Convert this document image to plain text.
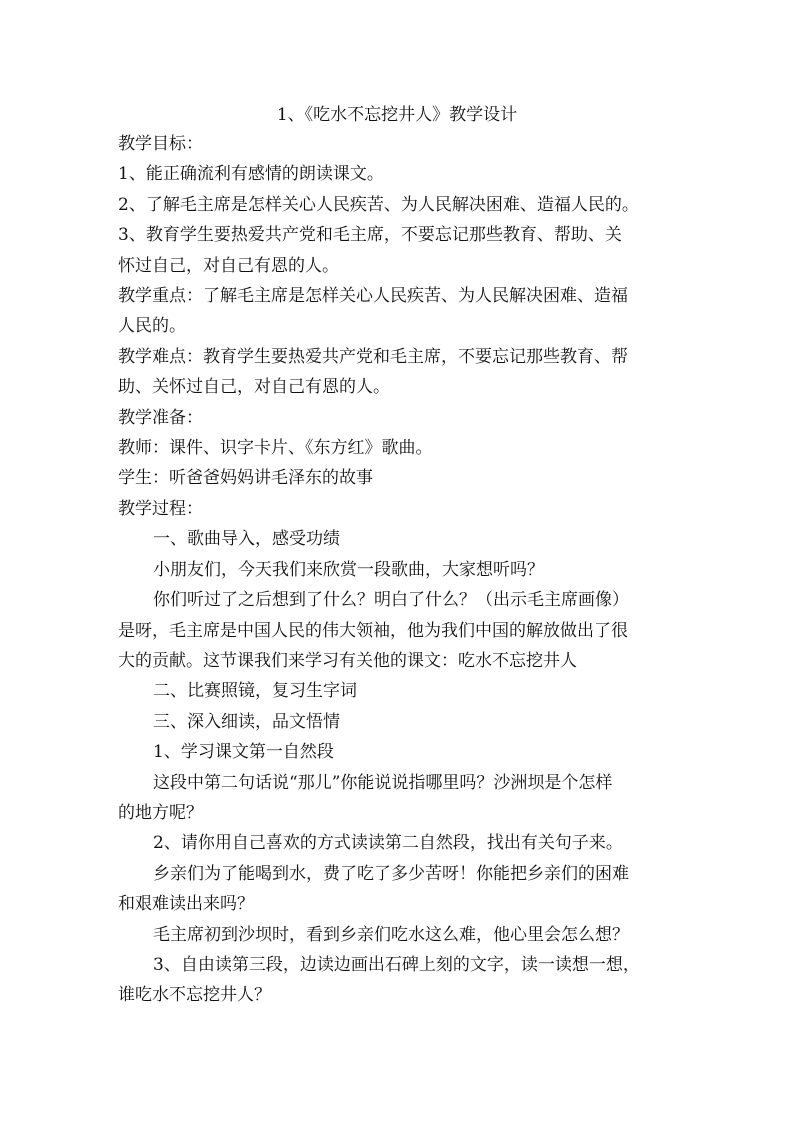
1、《吃水不忘挖井人》教学设计

教学目标：

1、能正确流利有感情的朗读课文。

2、了解毛主席是怎样关心人民疾苦、为人民解决困难、造福人民的。

3、教育学生要热爱共产党和毛主席，不要忘记那些教育、帮助、关

怀过自己，对自己有恩的人。

教学重点：了解毛主席是怎样关心人民疾苦、为人民解决困难、造福

人民的。

教学难点：教育学生要热爱共产党和毛主席，不要忘记那些教育、帮

助、关怀过自己，对自己有恩的人。

教学准备：

教师：课件、识字卡片、《东方红》歌曲。

学生：听爸爸妈妈讲毛泽东的故事

教学过程：

一、歌曲导入，感受功绩

小朋友们，今天我们来欣赏一段歌曲，大家想听吗？

你们听过了之后想到了什么？明白了什么？（出示毛主席画像）

是呀，毛主席是中国人民的伟大领袖，他为我们中国的解放做出了很

大的贡献。这节课我们来学习有关他的课文：吃水不忘挖井人

二、比赛照镜，复习生字词

三、深入细读，品文悟情

1、学习课文第一自然段

这段中第二句话说“那儿”你能说说指哪里吗？沙洲坝是个怎样

的地方呢？

2、请你用自己喜欢的方式读读第二自然段，找出有关句子来。

乡亲们为了能喝到水，费了吃了多少苦呀！你能把乡亲们的困难

和艰难读出来吗？

毛主席初到沙坝时，看到乡亲们吃水这么难，他心里会怎么想？

3、自由读第三段，边读边画出石碑上刻的文字，读一读想一想，

谁吃水不忘挖井人？
